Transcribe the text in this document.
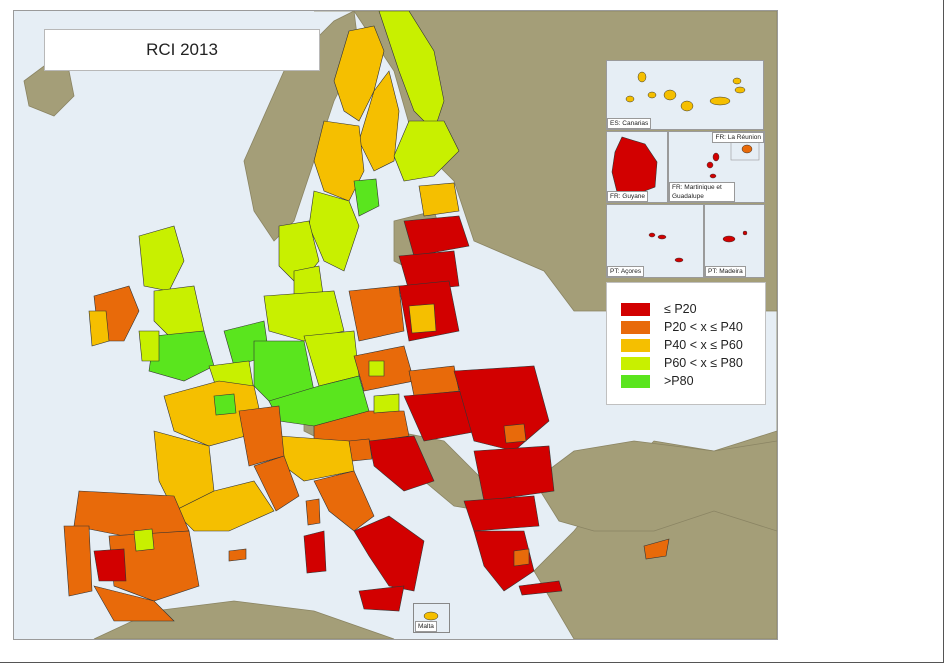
RCI 2013
ES: Canarias
FR: Guyane
FR: La Réunion
FR: Martinique et Guadalupe
PT: Açores	PT: Madeira
Malta
≤ P20
P20 < x ≤ P40
P40 < x ≤ P60
P60 < x ≤ P80
>P80
